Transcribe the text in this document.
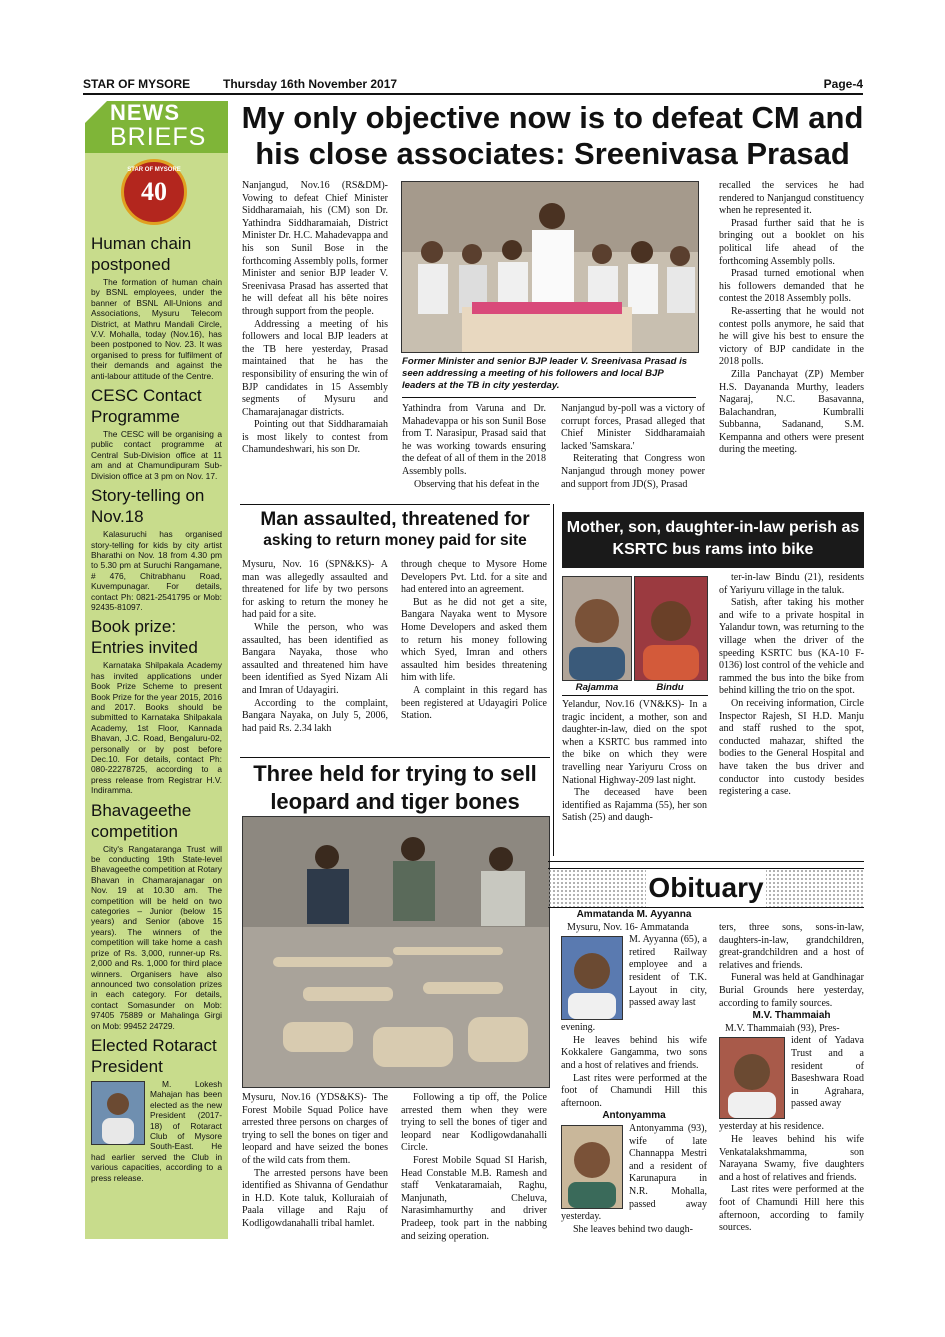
STAR OF MYSORE	Thursday 16th November 2017	Page-4
NEWS
BRIEFS
STAR OF MYSORE
40
Human chain postponed

The formation of human chain by BSNL employees, under the banner of BSNL All-Unions and Associations, Mysuru Telecom District, at Mathru Mandali Circle, V.V. Mohalla, today (Nov.16), has been postponed to Nov. 23. It was organised to press for fulfilment of their demands and against the anti-labour attitude of the Centre.

CESC Contact Programme

The CESC will be organising a public contact programme at Central Sub-Division office at 11 am and at Chamundipuram Sub-Division office at 3 pm on Nov. 17.

Story-telling on Nov.18

Kalasuruchi has organised story-telling for kids by city artist Bharathi on Nov. 18 from 4.30 pm to 5.30 pm at Suruchi Rangamane, # 476, Chitrabhanu Road, Kuvempunagar. For details, contact Ph: 0821-2541795 or Mob: 92435-81097.

Book prize: Entries invited

Karnataka Shilpakala Academy has invited applications under Book Prize Scheme to present Book Prize for the year 2015, 2016 and 2017. Books should be submitted to Karnataka Shilpakala Academy, 1st Floor, Kannada Bhavan, J.C. Road, Bengaluru-02, personally or by post before Dec.10. For details, contact Ph: 080-22278725, according to a press release from Registrar H.V. Indiramma.

Bhavageethe competition

City's Rangataranga Trust will be conducting 19th State-level Bhavageethe competition at Rotary Bhavan in Chamarajanagar on Nov. 19 at 10.30 am. The competition will be held on two categories – Junior (below 15 years) and Senior (above 15 years). The winners of the competition will take home a cash prize of Rs. 3,000, runner-up Rs. 2,000 and Rs. 1,000 for third place winners. Organisers have also announced two consolation prizes in each category. For details, contact Somasunder on Mob: 97405 75889 or Mahalinga Girgi on Mob: 99452 24729.

Elected Rotaract President

M. Lokesh Mahajan has been elected as the new President (2017-18) of Rotaract Club of Mysore South-East. He had earlier served the Club in various capacities, according to a press release.

My only objective now is to defeat CM and his close associates: Sreenivasa Prasad

Nanjangud, Nov.16 (RS&DM)- Vowing to defeat Chief Minister Siddharamaiah, his (CM) son Dr. Yathindra Siddharamaiah, District Minister Dr. H.C. Mahadevappa and his son Sunil Bose in the forthcoming Assembly polls, former Minister and senior BJP leader V. Sreenivasa Prasad has asserted that he will defeat all his bête noires through support from the people.

Addressing a meeting of his followers and local BJP leaders at the TB here yesterday, Prasad maintained that he has the responsibility of ensuring the win of BJP candidates in 15 Assembly segments of Mysuru and Chamarajanagar districts.

Pointing out that Siddharamaiah is most likely to contest from Chamundeshwari, his son Dr.

Former Minister and senior BJP leader V. Sreenivasa Prasad is seen addressing a meeting of his followers and local BJP leaders at the TB in city yesterday.

Yathindra from Varuna and Dr. Mahadevappa or his son Sunil Bose from T. Narasipur, Prasad said that he was working towards ensuring the defeat of all of them in the 2018 Assembly polls.

Observing that his defeat in the

Nanjangud by-poll was a victory of corrupt forces, Prasad alleged that Chief Minister Siddharamaiah lacked 'Samskara.'

Reiterating that Congress won Nanjangud through money power and support from JD(S), Prasad

recalled the services he had rendered to Nanjangud constituency when he represented it.

Prasad further said that he is bringing out a booklet on his political life ahead of the forthcoming Assembly polls.

Prasad turned emotional when his followers demanded that he contest the 2018 Assembly polls.

Re-asserting that he would not contest polls anymore, he said that he will give his best to ensure the victory of BJP candidate in the 2018 polls.

Zilla Panchayat (ZP) Member H.S. Dayananda Murthy, leaders Nagaraj, N.C. Basavanna, Balachandran, Kumbralli Subbanna, Sadanand, S.M. Kempanna and others were present during the meeting.

Man assaulted, threatened for
asking to return money paid for site

Mysuru, Nov. 16 (SPN&KS)- A man was allegedly assaulted and threatened for life by two persons for asking to return the money he had paid for a site.

While the person, who was assaulted, has been identified as Bangara Nayaka, those who assaulted and threatened him have been identified as Syed Nizam Ali and Imran of Udayagiri.

According to the complaint, Bangara Nayaka, on July 5, 2006, had paid Rs. 2.34 lakh

through cheque to Mysore Home Developers Pvt. Ltd. for a site and had entered into an agreement.

But as he did not get a site, Bangara Nayaka went to Mysore Home Developers and asked them to return his money following which Syed, Imran and others assaulted him besides threatening him with life.

A complaint in this regard has been registered at Udayagiri Police Station.

Mother, son, daughter-in-law perish as KSRTC bus rams into bike
Rajamma	Bindu

Yelandur, Nov.16 (VN&KS)- In a tragic incident, a mother, son and daughter-in-law, died on the spot when a KSRTC bus rammed into the bike on which they were travelling near Yariyuru Cross on National Highway-209 last night.

The deceased have been identified as Rajamma (55), her son Satish (25) and daugh-

ter-in-law Bindu (21), residents of Yariyuru village in the taluk.

Satish, after taking his mother and wife to a private hospital in Yalandur town, was returning to the village when the driver of the speeding KSRTC bus (KA-10 F-0136) lost control of the vehicle and rammed the bus into the bike from behind killing the trio on the spot.

On receiving information, Circle Inspector Rajesh, SI H.D. Manju and staff rushed to the spot, conducted mahazar, shifted the bodies to the General Hospital and have taken the bus driver and conductor into custody besides registering a case.

Three held for trying to sell leopard and tiger bones

Mysuru, Nov.16 (YDS&KS)- The Forest Mobile Squad Police have arrested three persons on charges of trying to sell the bones on tiger and leopard and have seized the bones of the wild cats from them.

The arrested persons have been identified as Shivanna of Gendathur in H.D. Kote taluk, Kolluraiah of Paala village and Raju of Kodligowdanahalli tribal hamlet.

Following a tip off, the Police arrested them when they were trying to sell the bones of tiger and leopard near Kodligowdanahalli Circle.

Forest Mobile Squad SI Harish, Head Constable M.B. Ramesh and staff Venkataramaiah, Raghu, Manjunath, Cheluva, Narasimhamurthy and driver Pradeep, took part in the nabbing and seizing operation.

Obituary
Ammatanda M. Ayyanna

Mysuru, Nov. 16- Ammatanda

M. Ayyanna (65), a retired Railway employee and a resident of T.K. Layout in city, passed away last

evening.

He leaves behind his wife Kokkalere Gangamma, two sons and a host of relatives and friends.

Last rites were performed at the foot of Chamundi Hill this afternoon.

Antonyamma

Antonyamma (93), wife of late Channappa Mestri and a resident of Karunapura in N.R. Mohalla, passed away yesterday.

She leaves behind two daugh-

ters, three sons, sons-in-law, daughters-in-law, grandchildren, great-grandchildren and a host of relatives and friends.

Funeral was held at Gandhinagar Burial Grounds here yesterday, according to family sources.

M.V. Thammaiah

M.V. Thammaiah (93), Pres-

ident of Yadava Trust and a resident of Baseshwara Road in Agrahara, passed away

yesterday at his residence.

He leaves behind his wife Venkatalakshmamma, son Narayana Swamy, five daughters and a host of relatives and friends.

Last rites were performed at the foot of Chamundi Hill here this afternoon, according to family sources.
